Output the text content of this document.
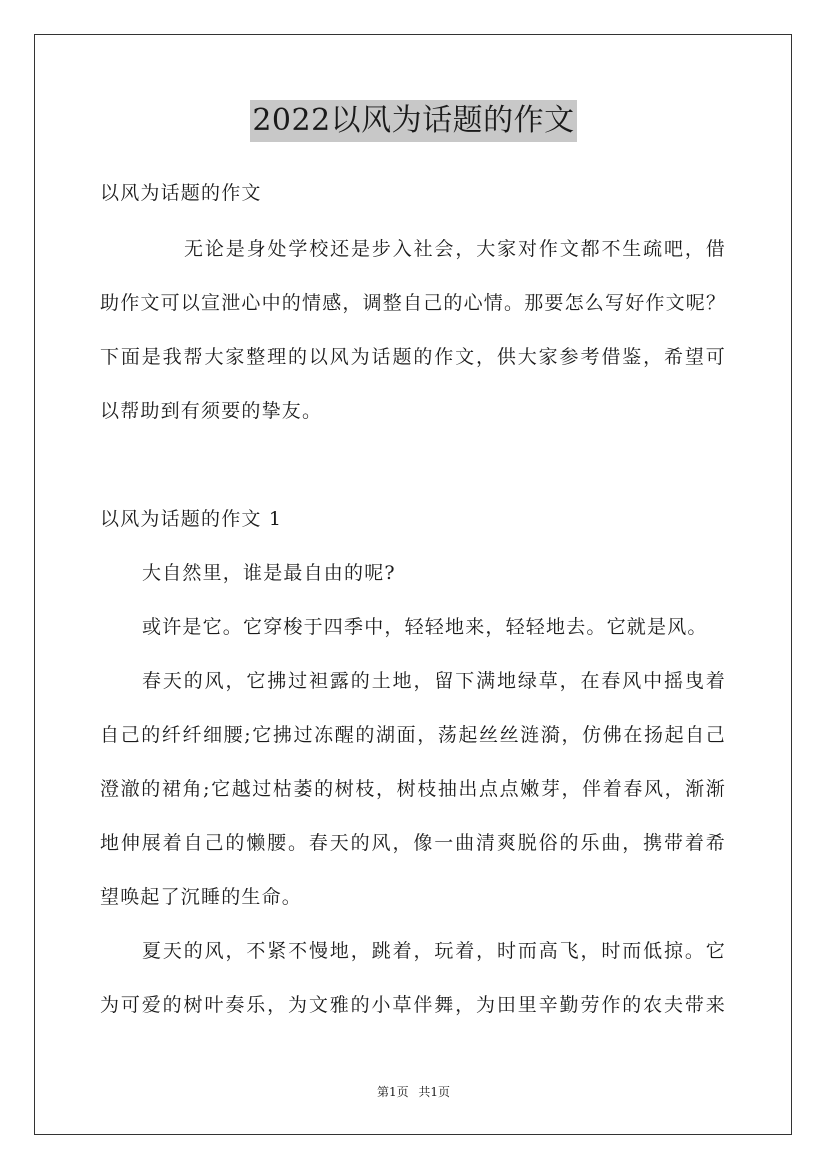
2022以风为话题的作文
以风为话题的作文
无论是身处学校还是步入社会，大家对作文都不生疏吧，借
助作文可以宣泄心中的情感，调整自己的心情。那要怎么写好作文呢？
下面是我帮大家整理的以风为话题的作文，供大家参考借鉴，希望可
以帮助到有须要的挚友。
以风为话题的作文 1
大自然里，谁是最自由的呢?
或许是它。它穿梭于四季中，轻轻地来，轻轻地去。它就是风。
春天的风，它拂过袒露的土地，留下满地绿草，在春风中摇曳着
自己的纤纤细腰;它拂过冻醒的湖面，荡起丝丝涟漪，仿佛在扬起自己
澄澈的裙角;它越过枯萎的树枝，树枝抽出点点嫩芽，伴着春风，渐渐
地伸展着自己的懒腰。春天的风，像一曲清爽脱俗的乐曲，携带着希
望唤起了沉睡的生命。
夏天的风，不紧不慢地，跳着，玩着，时而高飞，时而低掠。它
为可爱的树叶奏乐，为文雅的小草伴舞，为田里辛勤劳作的农夫带来
第1页 共1页
